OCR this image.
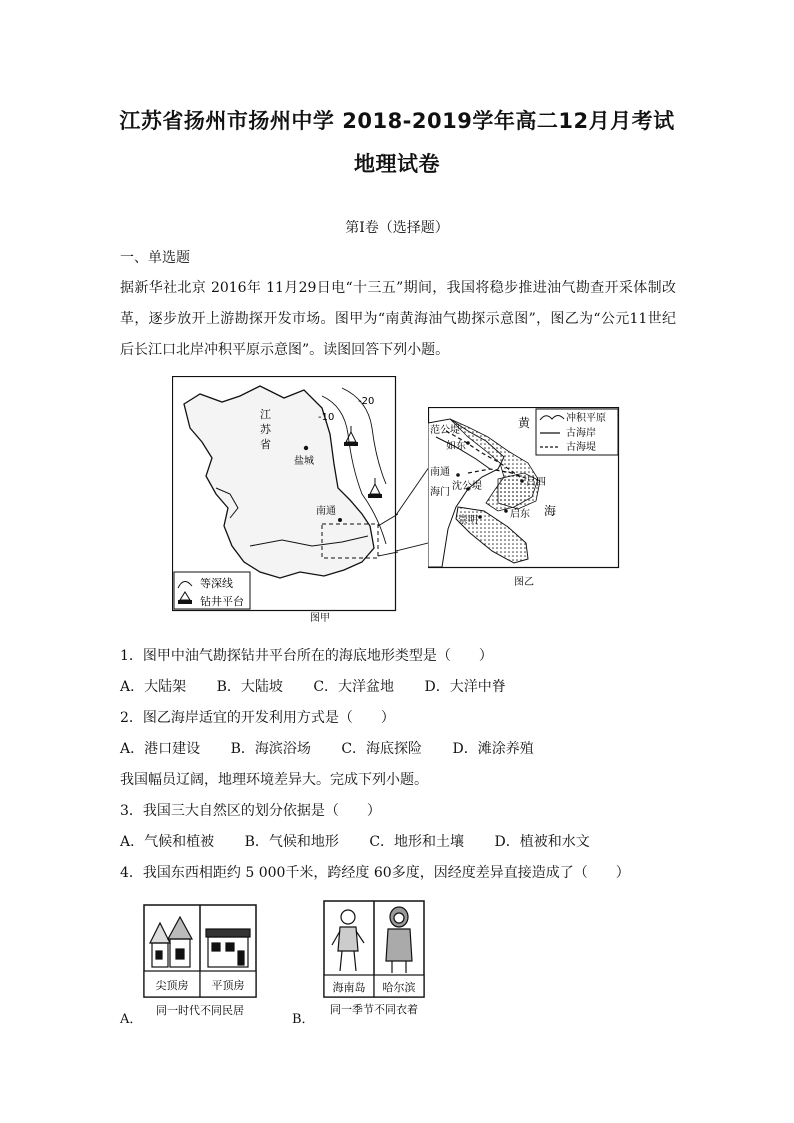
江苏省扬州市扬州中学 2018-2019学年高二12月月考试
地理试卷
第I卷（选择题）
一、单选题
据新华社北京 2016年 11月29日电“十三五”期间，我国将稳步推进油气勘查开采体制改革，逐步放开上游勘探开发市场。图甲为“南黄海油气勘探示意图”，图乙为“公元11世纪后长江口北岸冲积平原示意图”。读图回答下列小题。
-20
-10
江
苏
省
盐城
南通
等深线
钻井平台
图甲
冲积平原
古海岸
古海堤
范公堤
如东
黄
南通
海门
沈公堤	吕四
启东
崇明
海
图乙
1．图甲中油气勘探钻井平台所在的海底地形类型是（　　）
A．大陆架 B．大陆坡 C．大洋盆地 D．大洋中脊
2．图乙海岸适宜的开发利用方式是（　　）
A．港口建设 B．海滨浴场 C．海底探险 D．滩涂养殖
我国幅员辽阔，地理环境差异大。完成下列小题。
3．我国三大自然区的划分依据是（　　）
A．气候和植被 B．气候和地形 C．地形和土壤 D．植被和水文
4．我国东西相距约 5 000千米，跨经度 60多度，因经度差异直接造成了（　　）
A．
尖顶房 平顶房
同一时代不同民居
B．
海南岛 哈尔滨
同一季节不同衣着
